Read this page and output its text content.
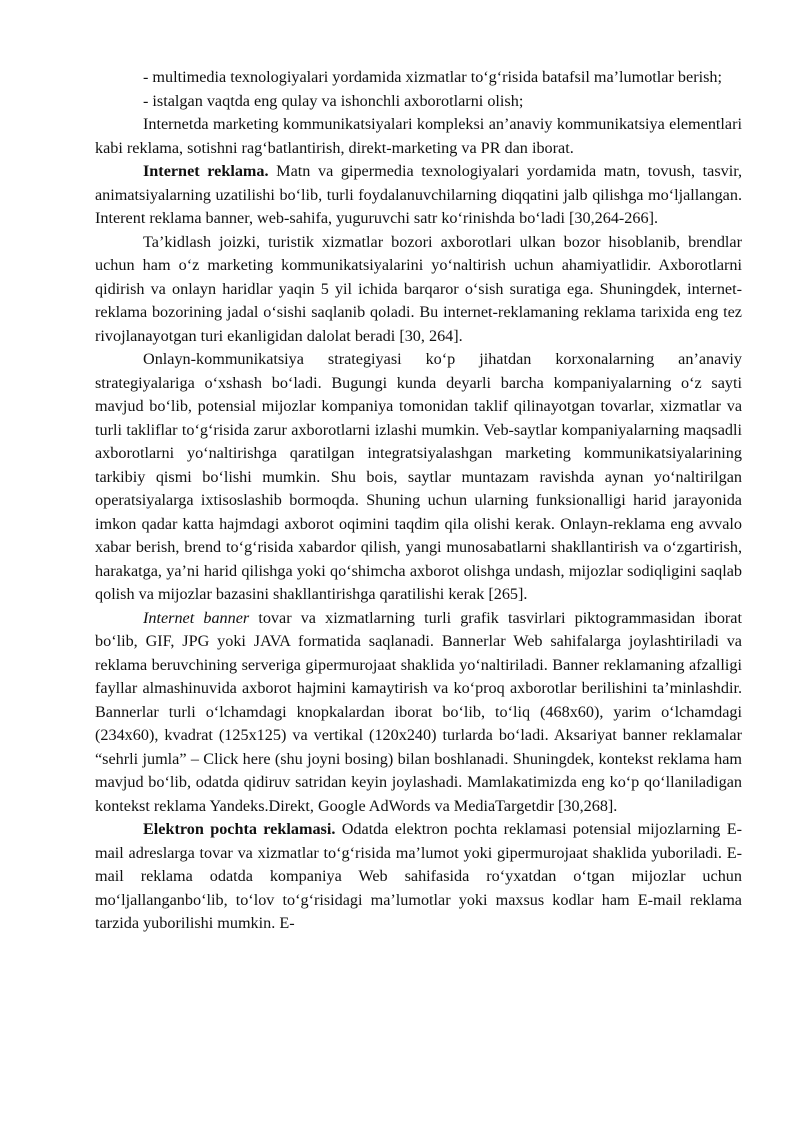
- multimedia texnologiyalari yordamida xizmatlar to‘g‘risida batafsil ma’lumotlar berish;

- istalgan vaqtda eng qulay va ishonchli axborotlarni olish;

Internetda marketing kommunikatsiyalari kompleksi an’anaviy kommunikatsiya elementlari kabi reklama, sotishni rag‘batlantirish, direkt-marketing va PR dan iborat.

Internet reklama. Matn va gipermedia texnologiyalari yordamida matn, tovush, tasvir, animatsiyalarning uzatilishi bo‘lib, turli foydalanuvchilarning diqqatini jalb qilishga mo‘ljallangan. Interent reklama banner, web-sahifa, yuguruvchi satr ko‘rinishda bo‘ladi [30,264-266].

Ta’kidlash joizki, turistik xizmatlar bozori axborotlari ulkan bozor hisoblanib, brendlar uchun ham o‘z marketing kommunikatsiyalarini yo‘naltirish uchun ahamiyatlidir. Axborotlarni qidirish va onlayn haridlar yaqin 5 yil ichida barqaror o‘sish suratiga ega. Shuningdek, internet-reklama bozorining jadal o‘sishi saqlanib qoladi. Bu internet-reklamaning reklama tarixida eng tez rivojlanayotgan turi ekanligidan dalolat beradi [30, 264].

Onlayn-kommunikatsiya strategiyasi ko‘p jihatdan korxonalarning an’anaviy strategiyalariga o‘xshash bo‘ladi. Bugungi kunda deyarli barcha kompaniyalarning o‘z sayti mavjud bo‘lib, potensial mijozlar kompaniya tomonidan taklif qilinayotgan tovarlar, xizmatlar va turli takliflar to‘g‘risida zarur axborotlarni izlashi mumkin. Veb-saytlar kompaniyalarning maqsadli axborotlarni yo‘naltirishga qaratilgan integratsiyalashgan marketing kommunikatsiyalarining tarkibiy qismi bo‘lishi mumkin. Shu bois, saytlar muntazam ravishda aynan yo‘naltirilgan operatsiyalarga ixtisoslashib bormoqda. Shuning uchun ularning funksionalligi harid jarayonida imkon qadar katta hajmdagi axborot oqimini taqdim qila olishi kerak. Onlayn-reklama eng avvalo xabar berish, brend to‘g‘risida xabardor qilish, yangi munosabatlarni shakllantirish va o‘zgartirish, harakatga, ya’ni harid qilishga yoki qo‘shimcha axborot olishga undash, mijozlar sodiqligini saqlab qolish va mijozlar bazasini shakllantirishga qaratilishi kerak [265].

Internet banner tovar va xizmatlarning turli grafik tasvirlari piktogrammasidan iborat bo‘lib, GIF, JPG yoki JAVA formatida saqlanadi. Bannerlar Web sahifalarga joylashtiriladi va reklama beruvchining serveriga gipermurojaat shaklida yo‘naltiriladi. Banner reklamaning afzalligi fayllar almashinuvida axborot hajmini kamaytirish va ko‘proq axborotlar berilishini ta’minlashdir. Bannerlar turli o‘lchamdagi knopkalardan iborat bo‘lib, to‘liq (468x60), yarim o‘lchamdagi (234x60), kvadrat (125x125) va vertikal (120x240) turlarda bo‘ladi. Aksariyat banner reklamalar “sehrli jumla” – Click here (shu joyni bosing) bilan boshlanadi. Shuningdek, kontekst reklama ham mavjud bo‘lib, odatda qidiruv satridan keyin joylashadi. Mamlakatimizda eng ko‘p qo‘llaniladigan kontekst reklama Yandeks.Direkt, Google AdWords va MediaTargetdir [30,268].

Elektron pochta reklamasi. Odatda elektron pochta reklamasi potensial mijozlarning E-mail adreslarga tovar va xizmatlar to‘g‘risida ma’lumot yoki gipermurojaat shaklida yuboriladi. E-mail reklama odatda kompaniya Web sahifasida ro‘yxatdan o‘tgan mijozlar uchun mo‘ljallanganbo‘lib, to‘lov to‘g‘risidagi ma’lumotlar yoki maxsus kodlar ham E-mail reklama tarzida yuborilishi mumkin. E-
